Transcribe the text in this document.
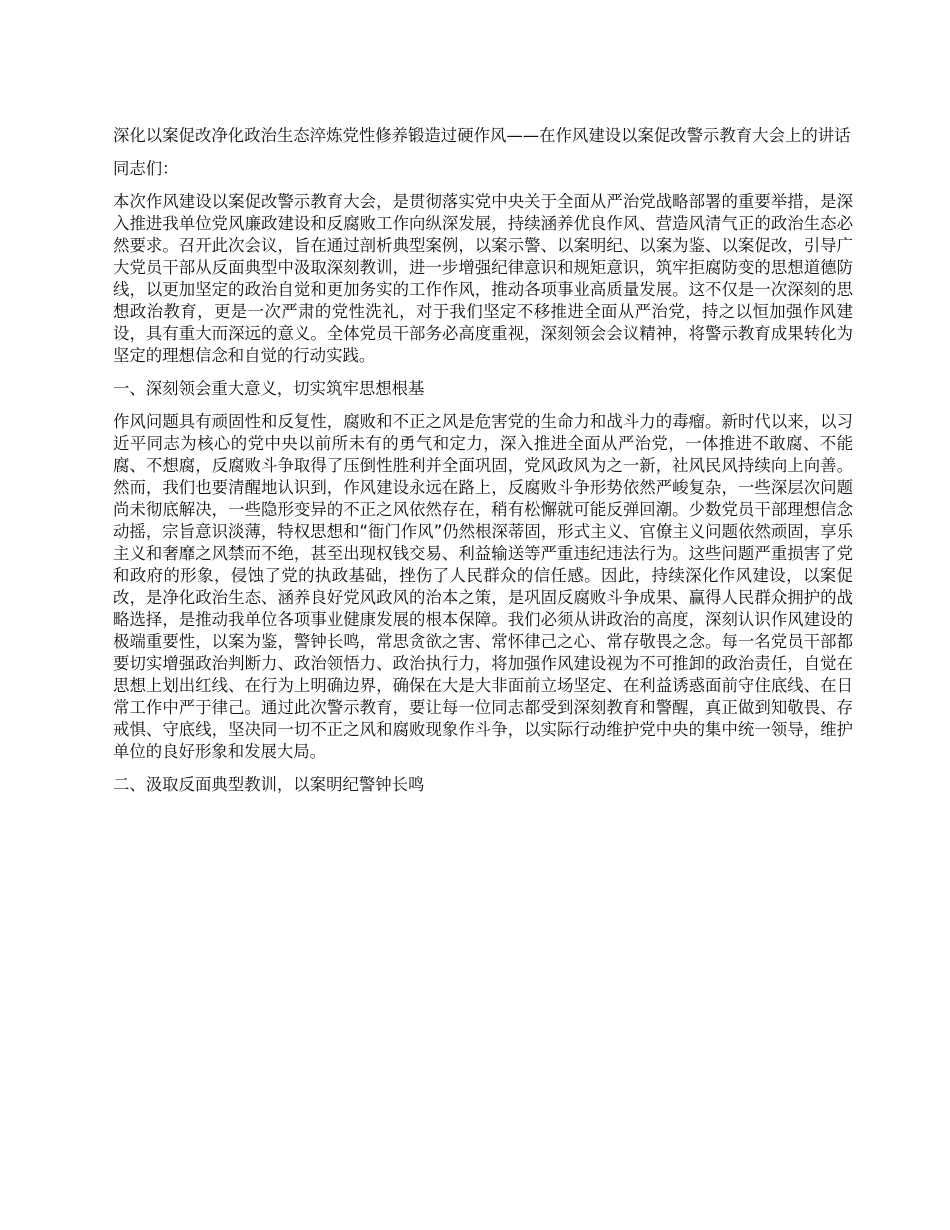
深化以案促改净化政治生态淬炼党性修养锻造过硬作风——在作风建设以案促改警示教育大会上的讲话
同志们：

本次作风建设以案促改警示教育大会，是贯彻落实党中央关于全面从严治党战略部署的重要举措，是深入推进我单位党风廉政建设和反腐败工作向纵深发展，持续涵养优良作风、营造风清气正的政治生态必然要求。召开此次会议，旨在通过剖析典型案例，以案示警、以案明纪、以案为鉴、以案促改，引导广大党员干部从反面典型中汲取深刻教训，进一步增强纪律意识和规矩意识，筑牢拒腐防变的思想道德防线，以更加坚定的政治自觉和更加务实的工作作风，推动各项事业高质量发展。这不仅是一次深刻的思想政治教育，更是一次严肃的党性洗礼，对于我们坚定不移推进全面从严治党，持之以恒加强作风建设，具有重大而深远的意义。全体党员干部务必高度重视，深刻领会会议精神，将警示教育成果转化为坚定的理想信念和自觉的行动实践。

一、深刻领会重大意义，切实筑牢思想根基

作风问题具有顽固性和反复性，腐败和不正之风是危害党的生命力和战斗力的毒瘤。新时代以来，以习近平同志为核心的党中央以前所未有的勇气和定力，深入推进全面从严治党，一体推进不敢腐、不能腐、不想腐，反腐败斗争取得了压倒性胜利并全面巩固，党风政风为之一新，社风民风持续向上向善。然而，我们也要清醒地认识到，作风建设永远在路上，反腐败斗争形势依然严峻复杂，一些深层次问题尚未彻底解决，一些隐形变异的不正之风依然存在，稍有松懈就可能反弹回潮。少数党员干部理想信念动摇，宗旨意识淡薄，特权思想和“衙门作风”仍然根深蒂固，形式主义、官僚主义问题依然顽固，享乐主义和奢靡之风禁而不绝，甚至出现权钱交易、利益输送等严重违纪违法行为。这些问题严重损害了党和政府的形象，侵蚀了党的执政基础，挫伤了人民群众的信任感。因此，持续深化作风建设，以案促改，是净化政治生态、涵养良好党风政风的治本之策，是巩固反腐败斗争成果、赢得人民群众拥护的战略选择，是推动我单位各项事业健康发展的根本保障。我们必须从讲政治的高度，深刻认识作风建设的极端重要性，以案为鉴，警钟长鸣，常思贪欲之害、常怀律己之心、常存敬畏之念。每一名党员干部都要切实增强政治判断力、政治领悟力、政治执行力，将加强作风建设视为不可推卸的政治责任，自觉在思想上划出红线、在行为上明确边界，确保在大是大非面前立场坚定、在利益诱惑面前守住底线、在日常工作中严于律己。通过此次警示教育，要让每一位同志都受到深刻教育和警醒，真正做到知敬畏、存戒惧、守底线，坚决同一切不正之风和腐败现象作斗争，以实际行动维护党中央的集中统一领导，维护单位的良好形象和发展大局。

二、汲取反面典型教训，以案明纪警钟长鸣
